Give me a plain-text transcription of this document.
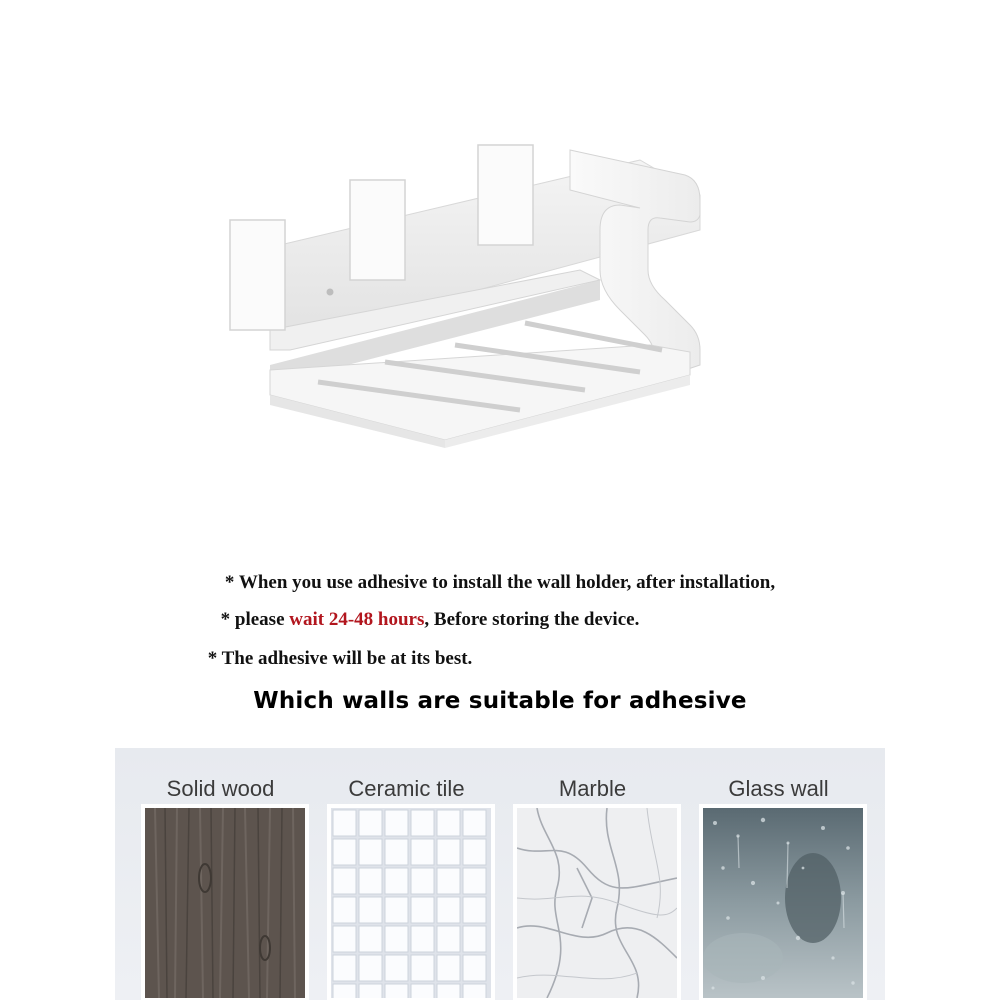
* When you use adhesive to install the wall holder, after installation,
* please wait 24-48 hours, Before storing the device.
* The adhesive will be at its best.
Which walls are suitable for adhesive
Solid wood	Ceramic tile	Marble	Glass wall
